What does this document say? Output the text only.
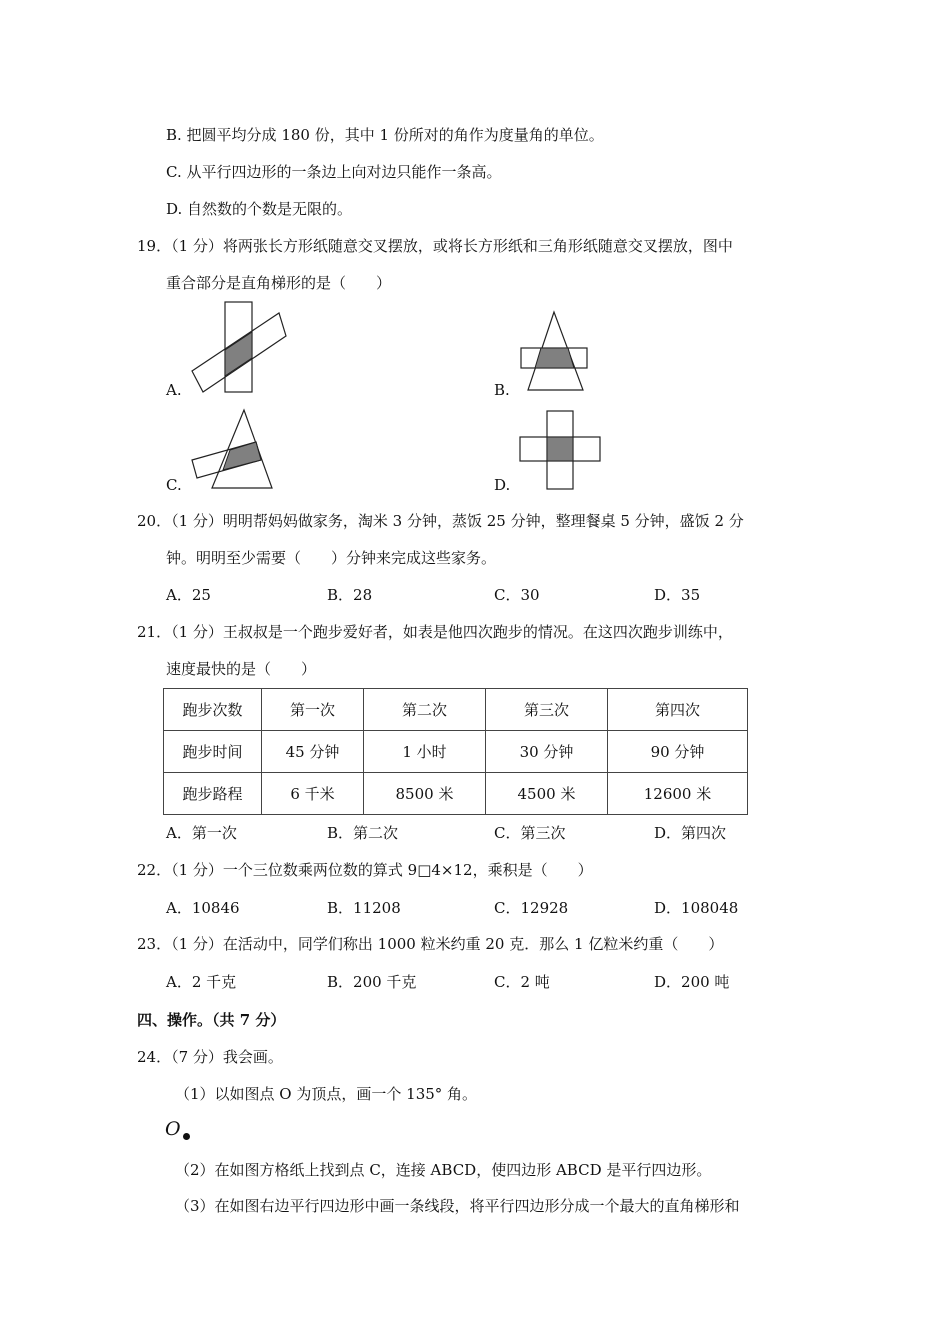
B. 把圆平均分成 180 份，其中 1 份所对的角作为度量角的单位。
C. 从平行四边形的一条边上向对边只能作一条高。
D. 自然数的个数是无限的。
19．（1 分）将两张长方形纸随意交叉摆放，或将长方形纸和三角形纸随意交叉摆放，图中
重合部分是直角梯形的是（　　）
A.	B.
C.	D.
20．（1 分）明明帮妈妈做家务，淘米 3 分钟，蒸饭 25 分钟，整理餐桌 5 分钟，盛饭 2 分
钟。明明至少需要（　　）分钟来完成这些家务。
A．25	B．28	C．30	D．35
21．（1 分）王叔叔是一个跑步爱好者，如表是他四次跑步的情况。在这四次跑步训练中，
速度最快的是（　　）
跑步次数	第一次	第二次	第三次	第四次
跑步时间	45 分钟	1 小时	30 分钟	90 分钟
跑步路程	6 千米	8500 米	4500 米	12600 米
A．第一次	B．第二次	C．第三次	D．第四次
22．（1 分）一个三位数乘两位数的算式 9□4×12，乘积是（　　）
A．10846	B．11208	C．12928	D．108048
23．（1 分）在活动中，同学们称出 1000 粒米约重 20 克．那么 1 亿粒米约重（　　）
A．2 千克	B．200 千克	C．2 吨	D．200 吨
四、操作。（共 7 分）
24．（7 分）我会画。
（1）以如图点 O 为顶点，画一个 135° 角。
O
（2）在如图方格纸上找到点 C，连接 ABCD，使四边形 ABCD 是平行四边形。
（3）在如图右边平行四边形中画一条线段，将平行四边形分成一个最大的直角梯形和
